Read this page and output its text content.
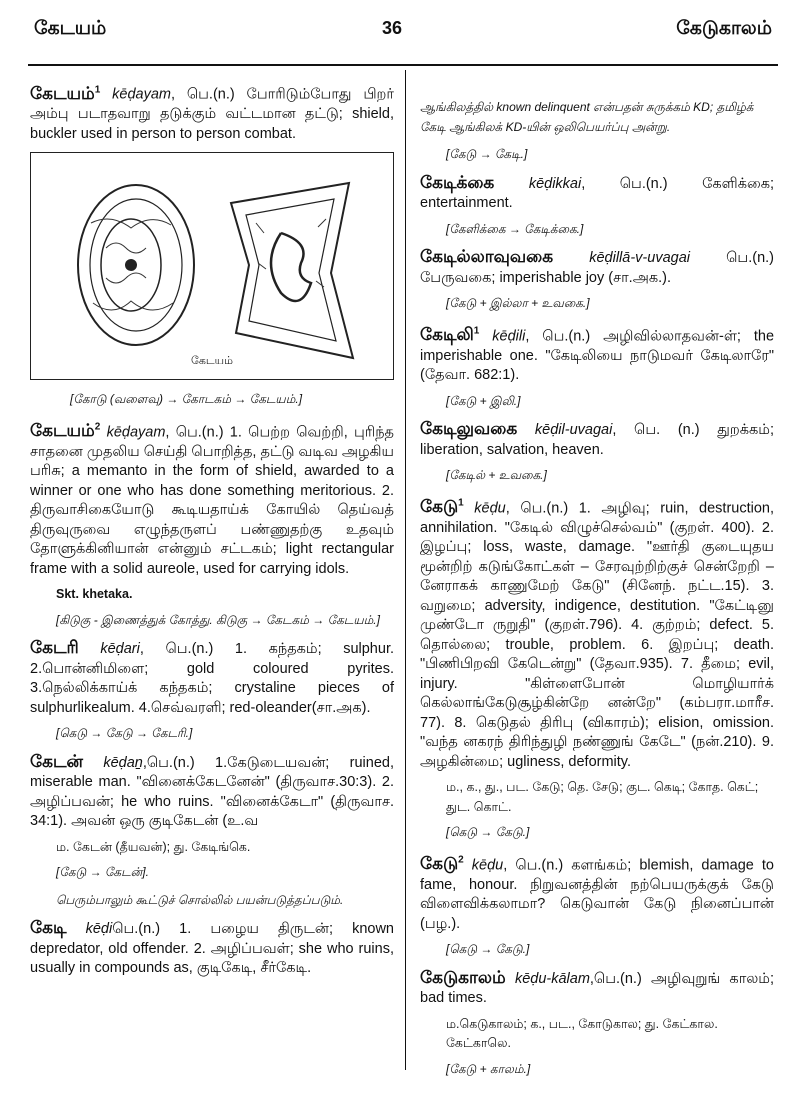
கேடயம்	36	கேடுகாலம்
கேடயம்$^1$ kēḍayam, பெ.(n.) போரிடும்போது பிறர் அம்பு படாதவாறு தடுக்கும் வட்டமான தட்டு; shield, buckler used in person to person combat.
கேடயம்
[கோடு (வளைவு) → கோடகம் → கேடயம்.]
கேடயம்$^2$ kēḍayam, பெ.(n.) 1. பெற்ற வெற்றி, புரிந்த சாதனை முதலிய செய்தி பொறித்த, தட்டு வடிவ அழகிய பரிசு; a memanto in the form of shield, awarded to a winner or one who has done something meritorious. 2. திருவாசிகையோடு கூடியதாய்க் கோயில் தெய்வத் திருவுருவை எழுந்தருளப் பண்ணுதற்கு உதவும் தோளுக்கினியான் என்னும் சட்டகம்; light rectangular frame with a solid aureole, used for carrying idols.
Skt. khetaka.
[கிடுகு - இணைத்துக் கோத்து. கிடுகு → கேடகம் → கேடயம்.]
கேடரி kēḍari, பெ.(n.) 1. கந்தகம்; sulphur. 2.பொன்னிமிளை; gold coloured pyrites. 3.நெல்லிக்காய்க் கந்தகம்; crystaline pieces of sulphurlikealum. 4.செவ்வரளி; red-oleander(சா.அக).
[கெடு → கேடு → கேடரி.]
கேடன் kēḍaṉ,பெ.(n.) 1.கேடுடையவன்; ruined, miserable man. "வினைக்கேடனேன்" (திருவாச.30:3). 2. அழிப்பவன்; he who ruins. "வினைக்கேடா" (திருவாச. 34:1). அவன் ஒரு குடிகேடன் (உ.வ
ம. கேடன் (தீயவன்); து. கேடிங்கெ.
[கேடு → கேடன்].
பெரும்பாலும் கூட்டுச் சொல்லில் பயன்படுத்தப்படும்.
கேடி kēḍiபெ.(n.) 1. பழைய திருடன்; known depredator, old offender. 2. அழிப்பவள்; she who ruins, usually in compounds as, குடிகேடி, சீர்கேடி.
ஆங்கிலத்தில் known delinquent என்பதன் சுருக்கம் KD; தமிழ்க் கேடி ஆங்கிலக் KD-யின் ஒலிபெயர்ப்பு அன்று.
[கேடு → கேடி.]
கேடிக்கை kēḍikkai, பெ.(n.) கேளிக்கை; entertainment.
[கேளிக்கை → கேடிக்கை.]
கேடில்லாவுவகை kēḍillā-v-uvagai பெ.(n.) பேருவகை; imperishable joy (சா.அக.).
[கேடு + இல்லா + உவகை.]
கேடிலி$^1$ kēḍili, பெ.(n.) அழிவில்லாதவன்-ள்; the imperishable one. "கேடிலியை நாடுமவர் கேடிலாரே" (தேவா. 682:1).
[கேடு + இலி.]
கேடிலுவகை kēḍil-uvagai, பெ. (n.) துறக்கம்; liberation, salvation, heaven.
[கேடில் + உவகை.]
கேடு$^1$ kēḍu, பெ.(n.) 1. அழிவு; ruin, destruction, annihilation. "கேடில் விழுச்செல்வம்" (குறள். 400). 2. இழப்பு; loss, waste, damage. "ஊர்தி குடையுதய மூன்றிற் கடுங்கோட்கள் – சேரவுற்றிற்குச் சென்றேறி – னேராகக் காணுமேற் கேடு" (சினேந். நட்ட.15). 3. வறுமை; adversity, indigence, destitution. "கேட்டினு முண்டோ ருறுதி" (குறள்.796). 4. குற்றம்; defect. 5. தொல்லை; trouble, problem. 6. இறப்பு; death. "பிணிபிறவி கேடென்று" (தேவா.935). 7. தீமை; evil, injury. "கிள்ளைபோன் மொழியார்க் கெல்லாங்கேடுசூழ்கின்றே னன்றே" (கம்பரா.மாரீச. 77). 8. கெடுதல் திரிபு (விகாரம்); elision, omission. "வந்த னகரந் திரிந்துழி நண்ணுங் கேடே" (நன்.210). 9. அழகின்மை; ugliness, deformity.
ம., க., து., பட. கேடு; தெ. சேடு; குட. கெடி; கோத. கெட்; துட. கொட்.
[கெடு → கேடு.]
கேடு$^2$ kēḍu, பெ.(n.) களங்கம்; blemish, damage to fame, honour. நிறுவனத்தின் நற்பெயருக்குக் கேடு விளைவிக்கலாமா? கெடுவான் கேடு நினைப்பான் (பழ.).
[கெடு → கேடு.]
கேடுகாலம் kēḍu-kālam,பெ.(n.) அழிவுறுங் காலம்; bad times.
ம.கெடுகாலம்; க., பட., கோடுகால; து. கேட்கால. கேட்காலெ.
[கேடு + காலம்.]
